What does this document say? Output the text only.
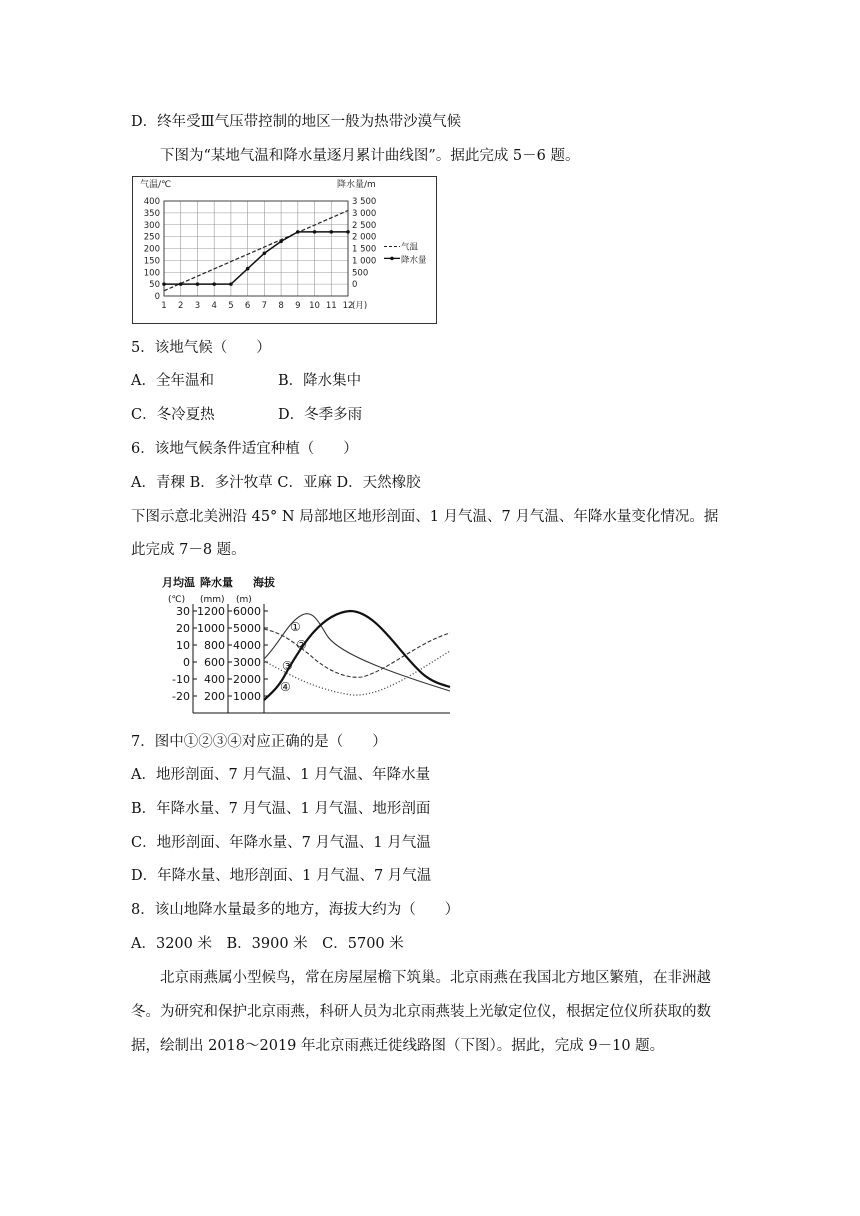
D．终年受Ⅲ气压带控制的地区一般为热带沙漠气候
下图为“某地气温和降水量逐月累计曲线图”。据此完成 5－6 题。
气温/℃	降水量/m
0
50
100
150
200
250
300
350
400
1 2 3 4 5 6 7 8 9 10 11 12
(月)
0
500
1 000
1 500
2 000
2 500
3 000
3 500
气温
降水量
5．该地气候（　　）
A．全年温和	B．降水集中
C．冬冷夏热	D．冬季多雨
6．该地气候条件适宜种植（　　）
A．青稞 B．多汁牧草 C．亚麻 D．天然橡胶
下图示意北美洲沿 45° N 局部地区地形剖面、1 月气温、7 月气温、年降水量变化情况。据
此完成 7－8 题。
月均温 降水量 海拔
(℃) (mm) (m)
30
20
10
0
-10
-20
1200
1000
800
600
400
200
6000
5000
4000
3000
2000
1000
①
②
③
④
7．图中①②③④对应正确的是（　　）
A．地形剖面、7 月气温、1 月气温、年降水量
B．年降水量、7 月气温、1 月气温、地形剖面
C．地形剖面、年降水量、7 月气温、1 月气温
D．年降水量、地形剖面、1 月气温、7 月气温
8．该山地降水量最多的地方，海拔大约为（　　）
A．3200 米　B．3900 米　C．5700 米
北京雨燕属小型候鸟，常在房屋屋檐下筑巢。北京雨燕在我国北方地区繁殖，在非洲越
冬。为研究和保护北京雨燕，科研人员为北京雨燕装上光敏定位仪，根据定位仪所获取的数
据，绘制出 2018～2019 年北京雨燕迁徙线路图（下图）。据此，完成 9－10 题。
